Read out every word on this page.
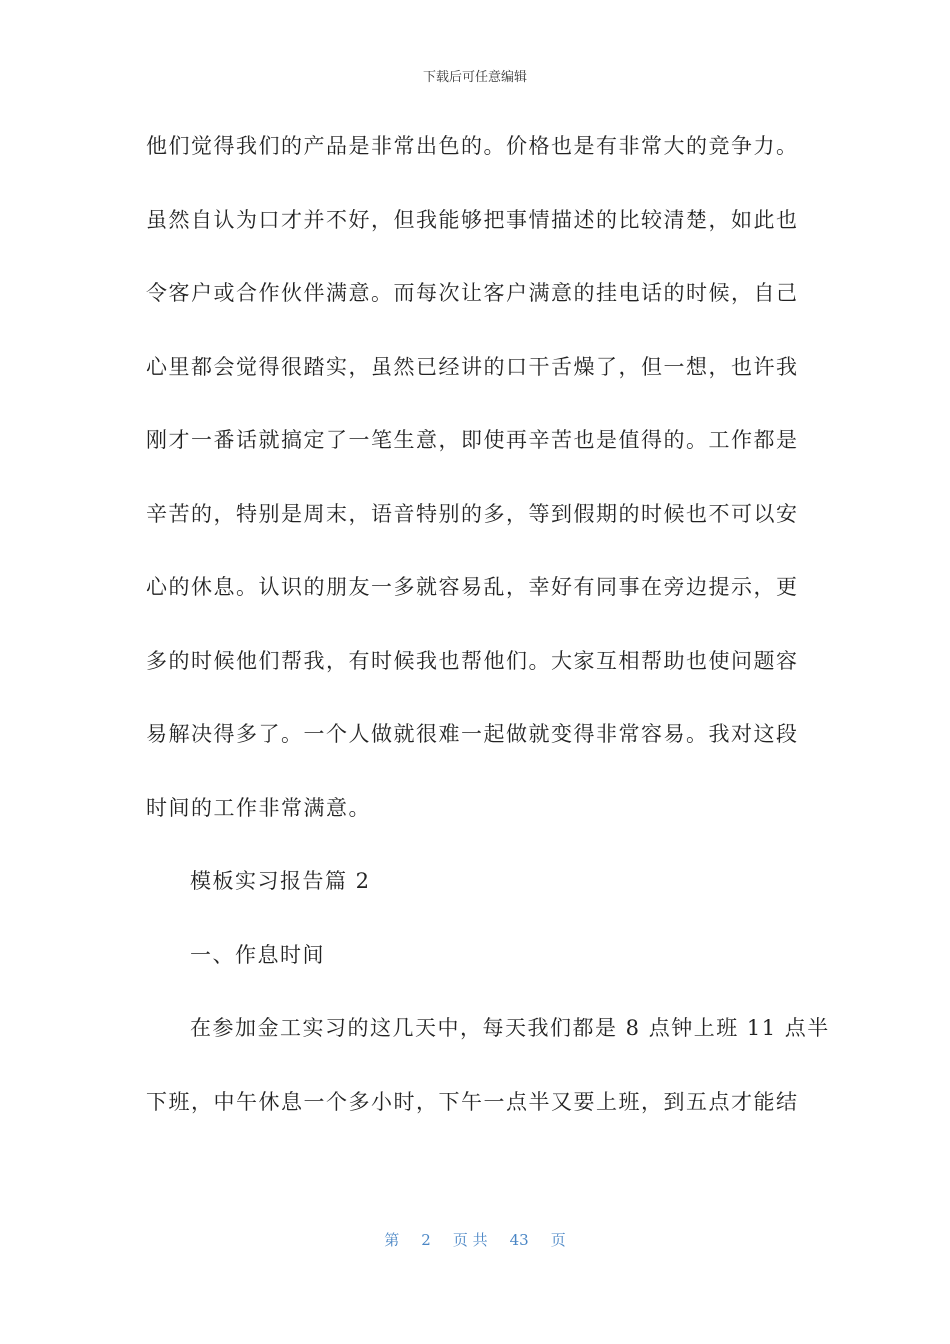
下载后可任意编辑
他们觉得我们的产品是非常出色的。价格也是有非常大的竞争力。
虽然自认为口才并不好，但我能够把事情描述的比较清楚，如此也
令客户或合作伙伴满意。而每次让客户满意的挂电话的时候，自己
心里都会觉得很踏实，虽然已经讲的口干舌燥了，但一想，也许我
刚才一番话就搞定了一笔生意，即使再辛苦也是值得的。工作都是
辛苦的，特别是周末，语音特别的多，等到假期的时候也不可以安
心的休息。认识的朋友一多就容易乱，幸好有同事在旁边提示，更
多的时候他们帮我，有时候我也帮他们。大家互相帮助也使问题容
易解决得多了。一个人做就很难一起做就变得非常容易。我对这段
时间的工作非常满意。
模板实习报告篇 2
一、作息时间
在参加金工实习的这几天中，每天我们都是 8 点钟上班 11 点半
下班，中午休息一个多小时，下午一点半又要上班，到五点才能结
第 2 页 共 43 页
